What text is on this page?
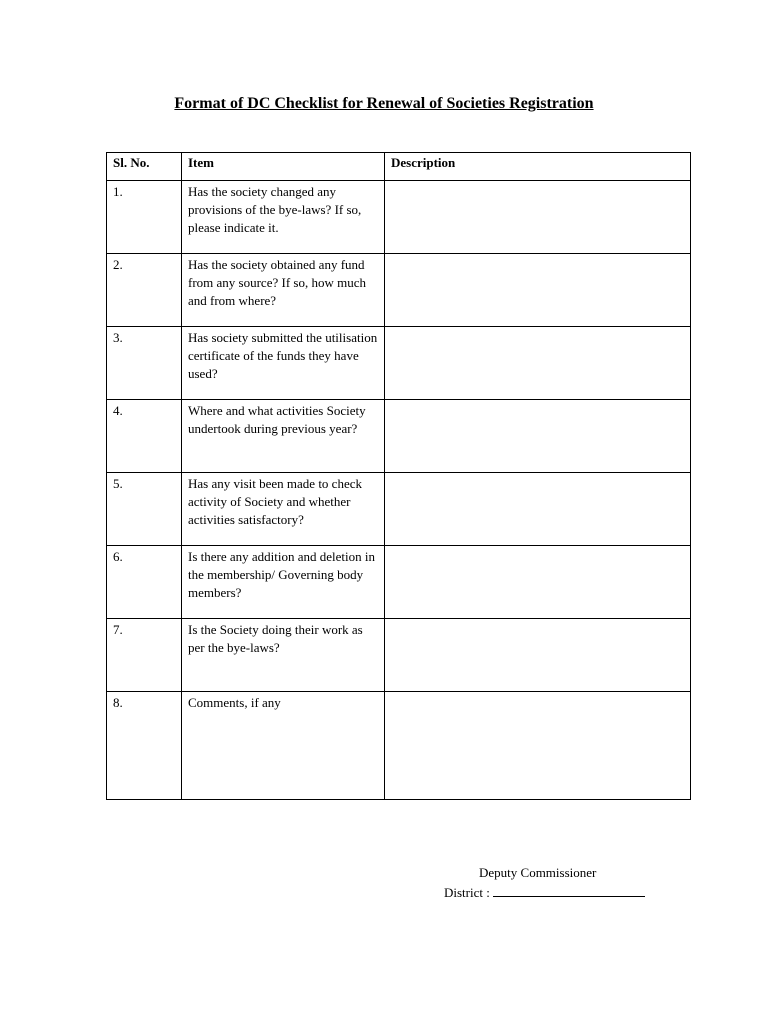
Format of DC Checklist for Renewal of Societies Registration
Sl. No.	Item	Description
1.	Has the society changed any provisions of the bye-laws? If so, please indicate it.	
2.	Has the society obtained any fund from any source? If so, how much and from where?	
3.	Has society submitted the utilisation certificate of the funds they have used?	
4.	Where and what activities Society undertook during previous year?	
5.	Has any visit been made to check activity of Society and whether activities satisfactory?	
6.	Is there any addition and deletion in the membership/ Governing body members?	
7.	Is the Society doing their work as per the bye-laws?	
8.	Comments, if any	
Deputy Commissioner
District :
